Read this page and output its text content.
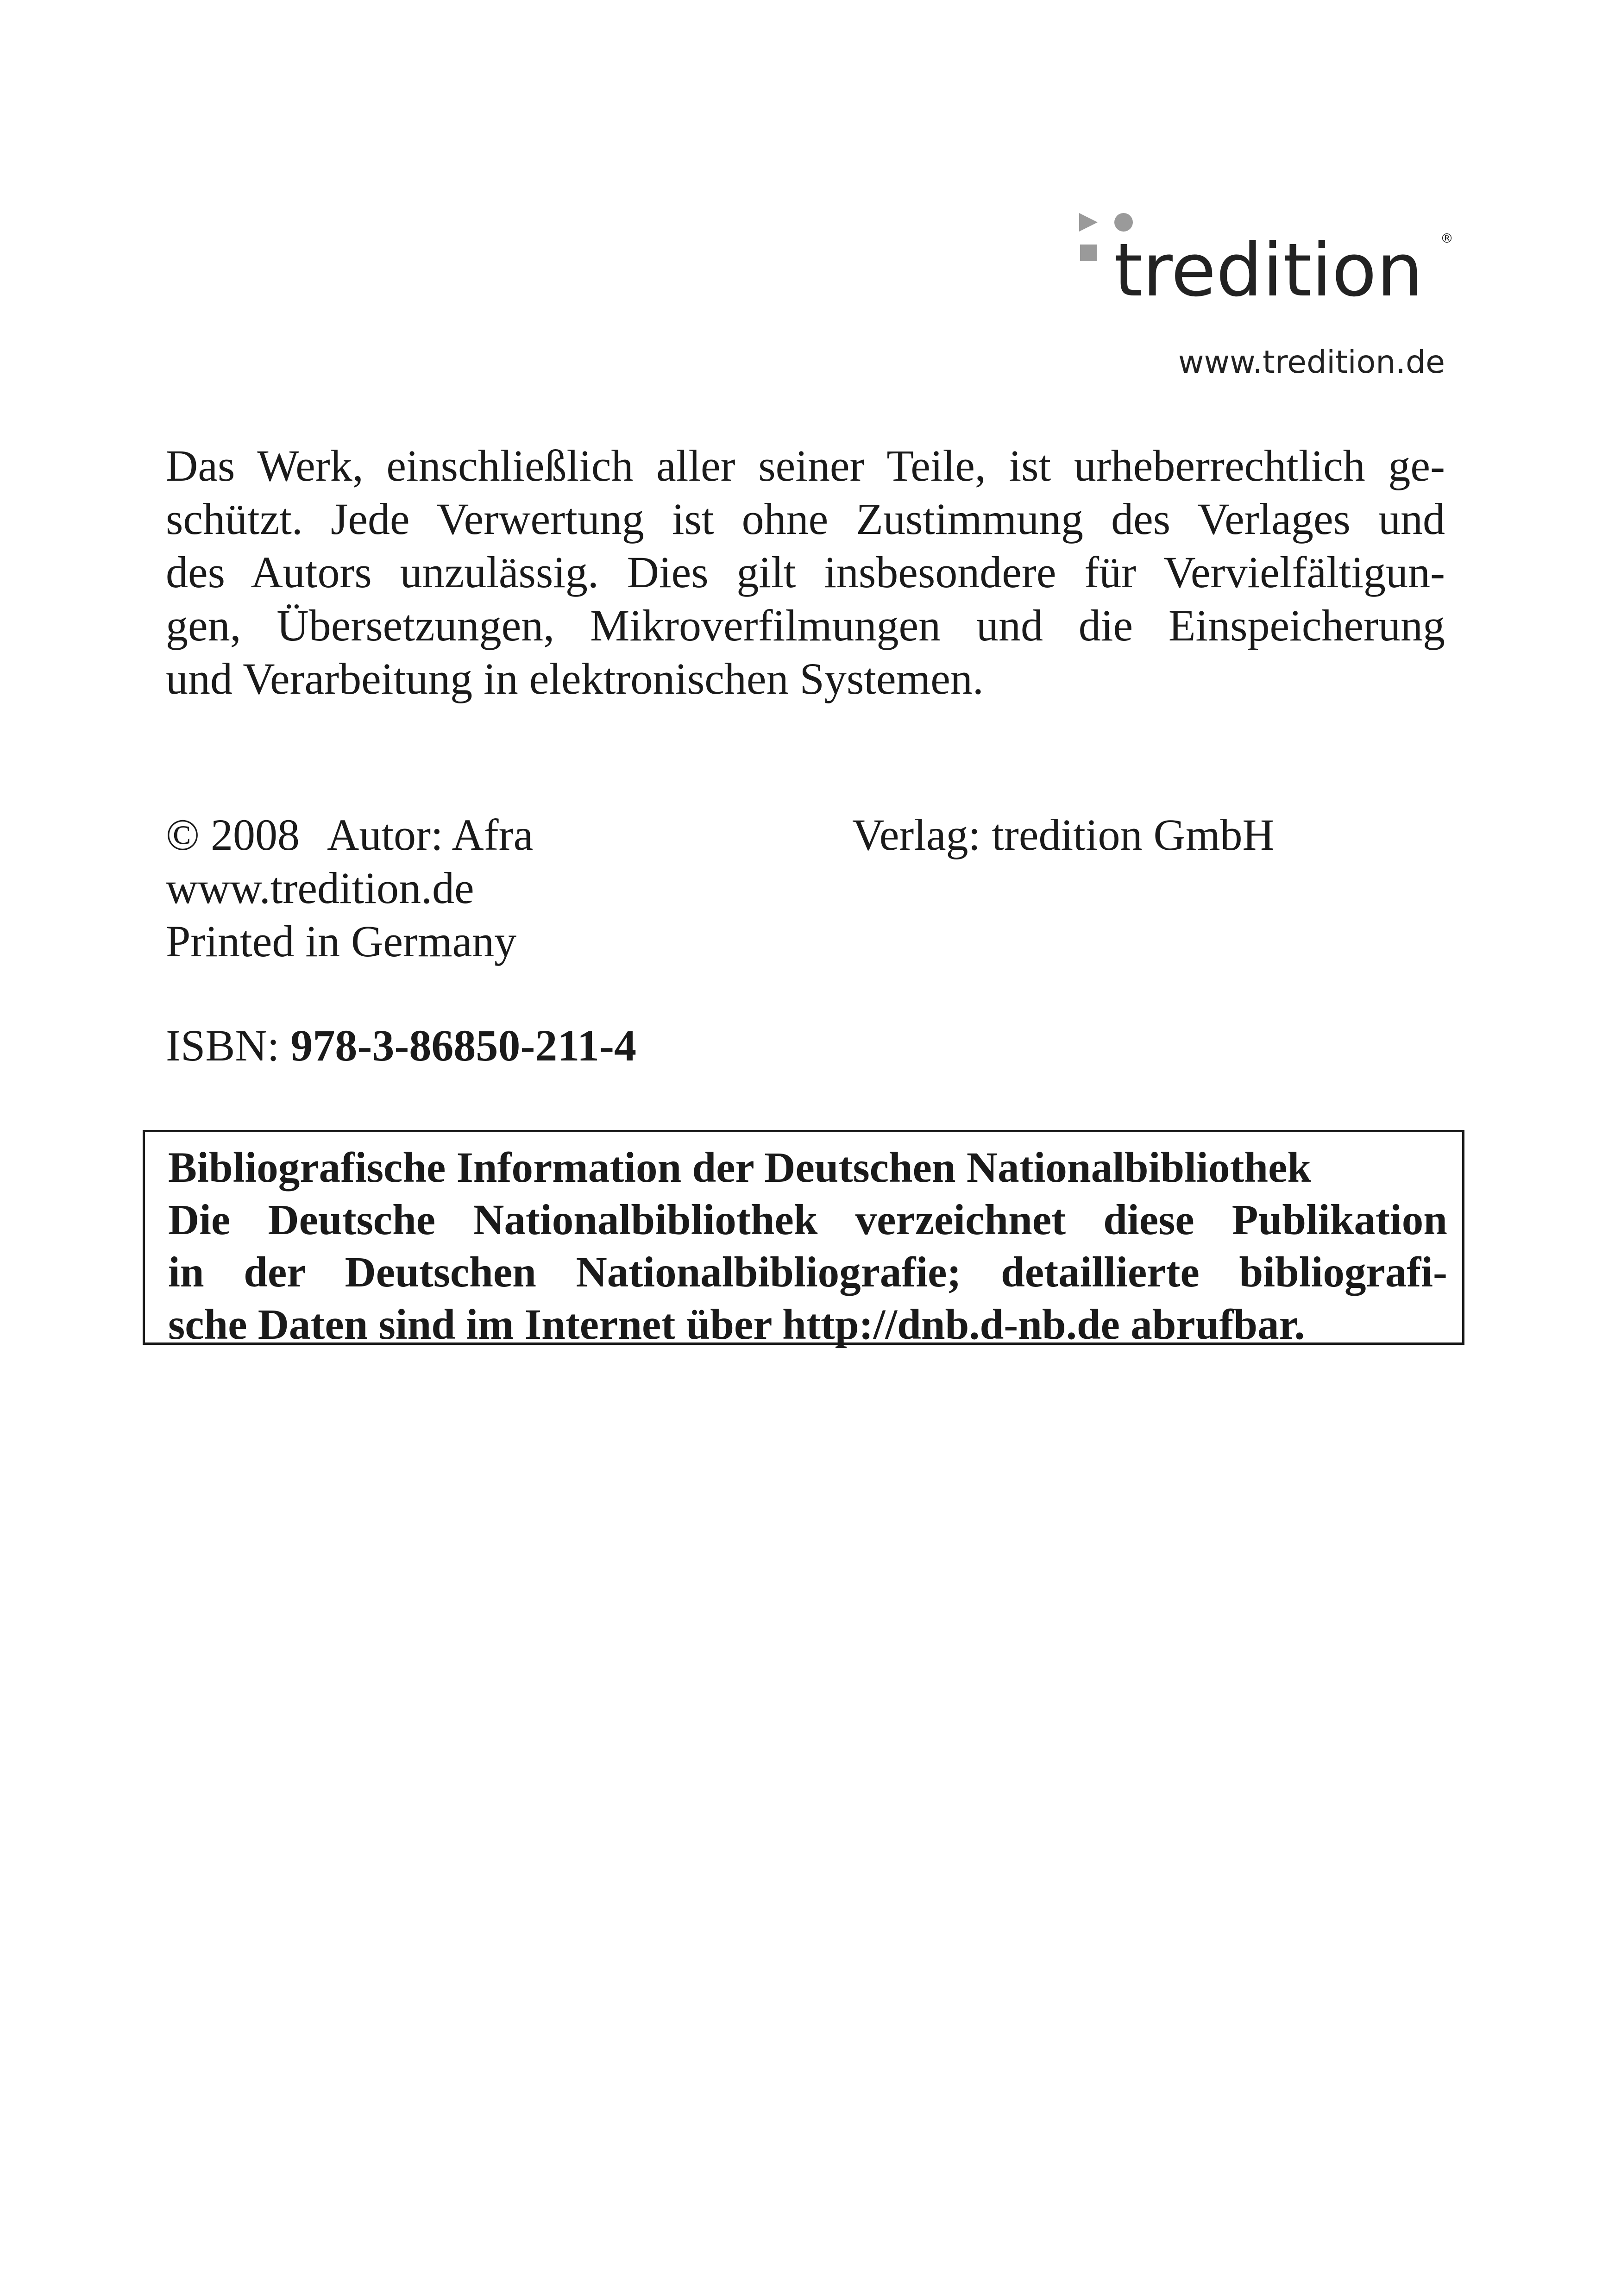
tredition ®
www.tredition.de
Das Werk, einschließlich aller seiner Teile, ist urheberrechtlich ge-
schützt. Jede Verwertung ist ohne Zustimmung des Verlages und
des Autors unzulässig. Dies gilt insbesondere für Vervielfältigun-
gen, Übersetzungen, Mikroverfilmungen und die Einspeicherung
und Verarbeitung in elektronischen Systemen.
© 2008 Autor: Afra	Verlag: tredition GmbH
www.tredition.de
Printed in Germany
ISBN: 978-3-86850-211-4
Bibliografische Information der Deutschen Nationalbibliothek
Die Deutsche Nationalbibliothek verzeichnet diese Publikation
in der Deutschen Nationalbibliografie; detaillierte bibliografi-
sche Daten sind im Internet über http://dnb.d-nb.de abrufbar.
